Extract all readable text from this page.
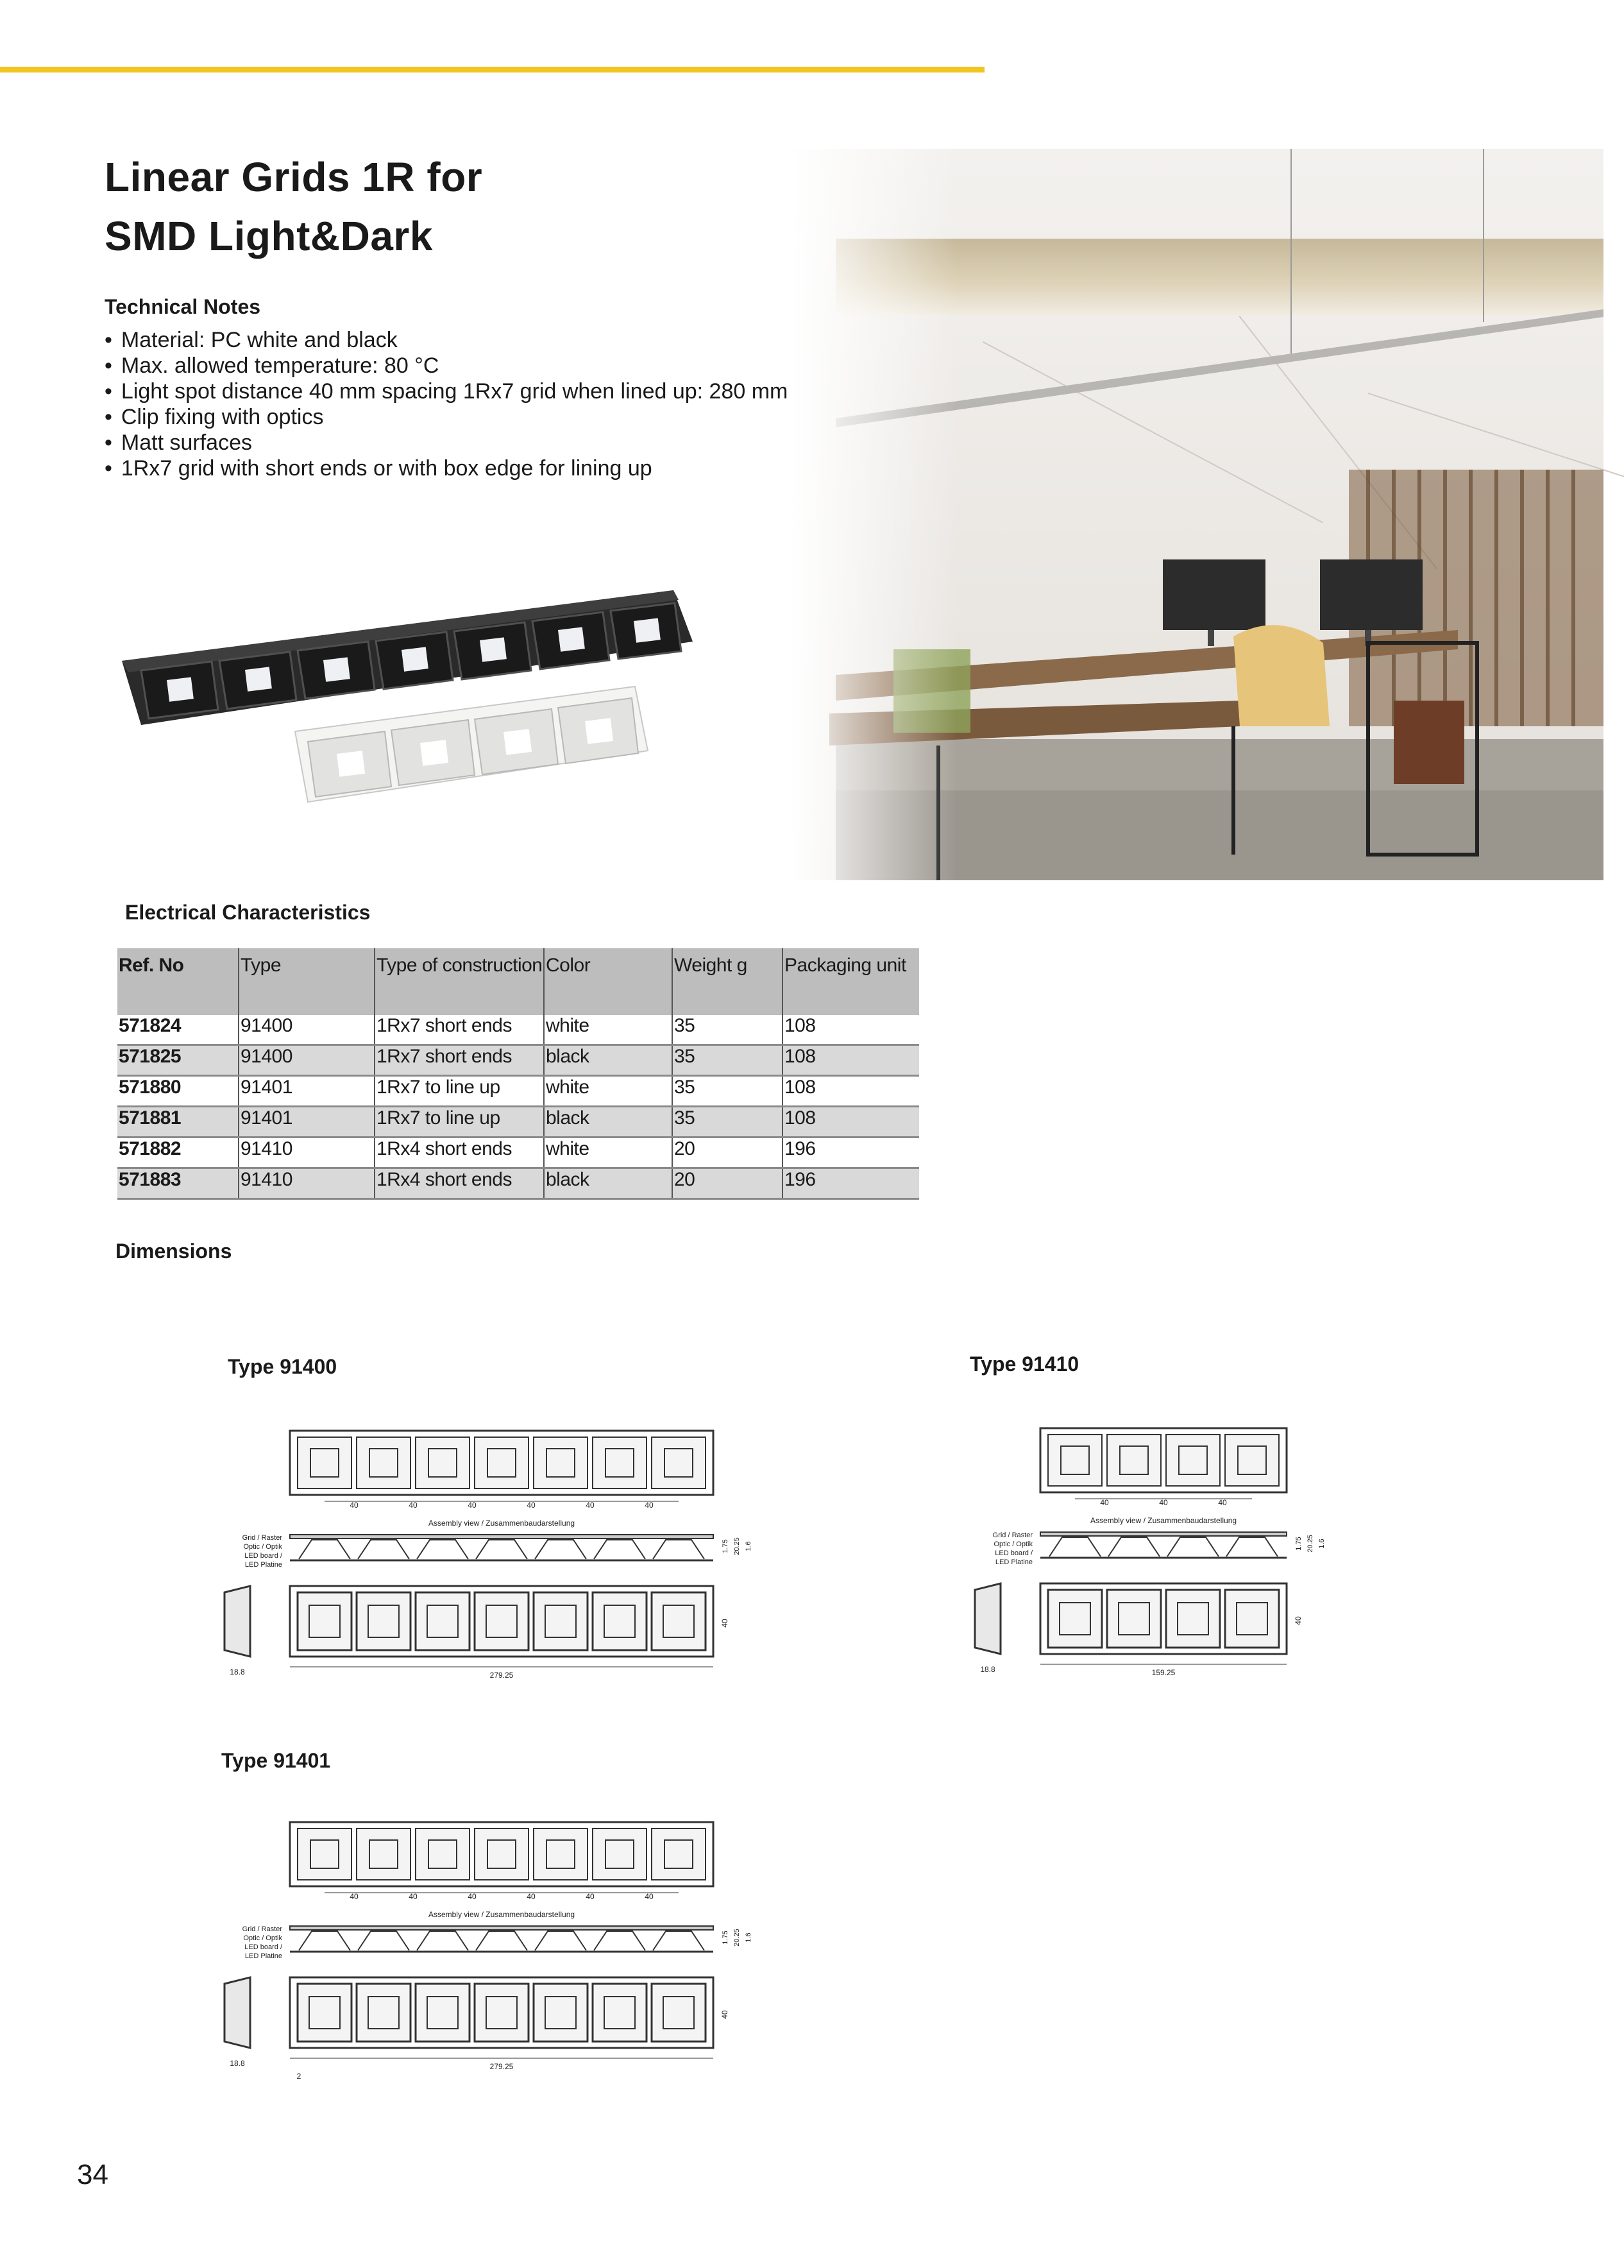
Linear Grids 1R for
SMD Light&Dark
Technical Notes
• Material: PC white and black
• Max. allowed temperature: 80 °C
• Light spot distance 40 mm spacing 1Rx7 grid when lined up: 280 mm
• Clip fixing with optics
• Matt surfaces
• 1Rx7 grid with short ends or with box edge for lining up
Electrical Characteristics
Ref. No	Type	Type of construction	Color	Weight g	Packaging unit
571824	91400	1Rx7 short ends	white	35	108
571825	91400	1Rx7 short ends	black	35	108
571880	91401	1Rx7 to line up	white	35	108
571881	91401	1Rx7 to line up	black	35	108
571882	91410	1Rx4 short ends	white	20	196
571883	91410	1Rx4 short ends	black	20	196
Dimensions
Type 91400	Type 91410
Type 91401
40	40	40	40	40	40
Assembly view / Zusammenbaudarstellung
Grid / Raster
Optic / Optik
LED board /
LED Platine
1.75 20.25 1.6
40
18.8	279.25
40	40	40
Assembly view / Zusammenbaudarstellung
Grid / Raster
Optic / Optik
LED board /
LED Platine
1.75 20.25 1.6
40
18.8	159.25
40	40	40	40	40	40
Assembly view / Zusammenbaudarstellung
Grid / Raster
Optic / Optik
LED board /
LED Platine
1.75 20.25 1.6
40
18.8	279.25
2
34
